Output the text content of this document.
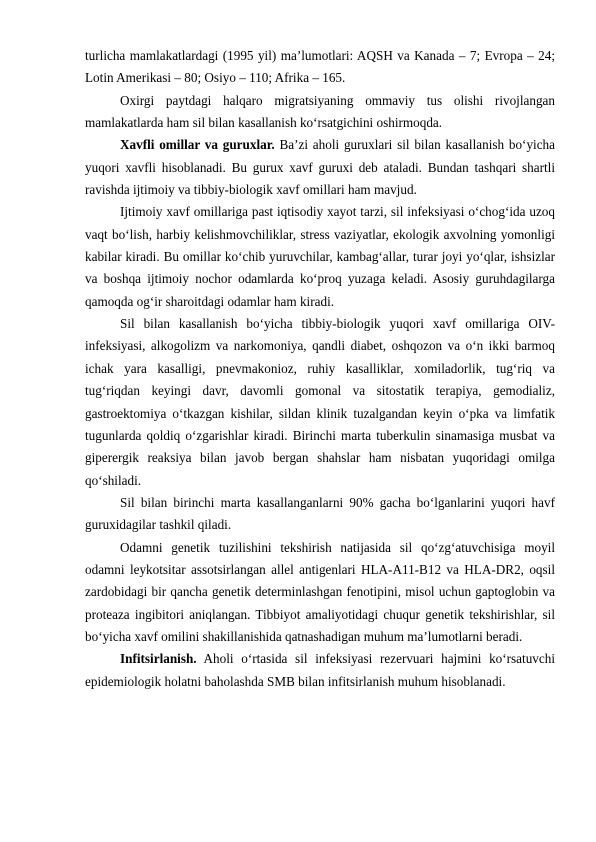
turlicha mamlakatlardagi (1995 yil) ma’lumotlari: AQSH va Kanada – 7; Evropa – 24; Lotin Amerikasi – 80; Osiyo – 110; Afrika – 165.

Oxirgi paytdagi halqaro migratsiyaning ommaviy tus olishi rivojlangan mamlakatlarda ham sil bilan kasallanish ko‘rsatgichini oshirmoqda.

Xavfli omillar va guruxlar. Ba’zi aholi guruxlari sil bilan kasallanish bo‘yicha yuqori xavfli hisoblanadi. Bu gurux xavf guruxi deb ataladi. Bundan tashqari shartli ravishda ijtimoiy va tibbiy-biologik xavf omillari ham mavjud.

Ijtimoiy xavf omillariga past iqtisodiy xayot tarzi, sil infeksiyasi o‘chog‘ida uzoq vaqt bo‘lish, harbiy kelishmovchiliklar, stress vaziyatlar, ekologik axvolning yomonligi kabilar kiradi. Bu omillar ko‘chib yuruvchilar, kambag‘allar, turar joyi yo‘qlar, ishsizlar va boshqa ijtimoiy nochor odamlarda ko‘proq yuzaga keladi. Asosiy guruhdagilarga qamoqda og‘ir sharoitdagi odamlar ham kiradi.

Sil bilan kasallanish bo‘yicha tibbiy-biologik yuqori xavf omillariga OIV-infeksiyasi, alkogolizm va narkomoniya, qandli diabet, oshqozon va o‘n ikki barmoq ichak yara kasalligi, pnevmakonioz, ruhiy kasalliklar, xomiladorlik, tug‘riq va tug‘riqdan keyingi davr, davomli gomonal va sitostatik terapiya, gemodializ, gastroektomiya o‘tkazgan kishilar, sildan klinik tuzalgandan keyin o‘pka va limfatik tugunlarda qoldiq o‘zgarishlar kiradi. Birinchi marta tuberkulin sinamasiga musbat va giperergik reaksiya bilan javob bergan shahslar ham nisbatan yuqoridagi omilga qo‘shiladi.

Sil bilan birinchi marta kasallanganlarni 90% gacha bo‘lganlarini yuqori havf guruxidagilar tashkil qiladi.

Odamni genetik tuzilishini tekshirish natijasida sil qo‘zg‘atuvchisiga moyil odamni leykotsitar assotsirlangan allel antigenlari HLA-A11-B12 va HLA-DR2, oqsil zardobidagi bir qancha genetik determinlashgan fenotipini, misol uchun gaptoglobin va proteaza ingibitori aniqlangan. Tibbiyot amaliyotidagi chuqur genetik tekshirishlar, sil bo‘yicha xavf omilini shakillanishida qatnashadigan muhum ma’lumotlarni beradi.

Infitsirlanish. Aholi o‘rtasida sil infeksiyasi rezervuari hajmini ko‘rsatuvchi epidemiologik holatni baholashda SMB bilan infitsirlanish muhum hisoblanadi.
